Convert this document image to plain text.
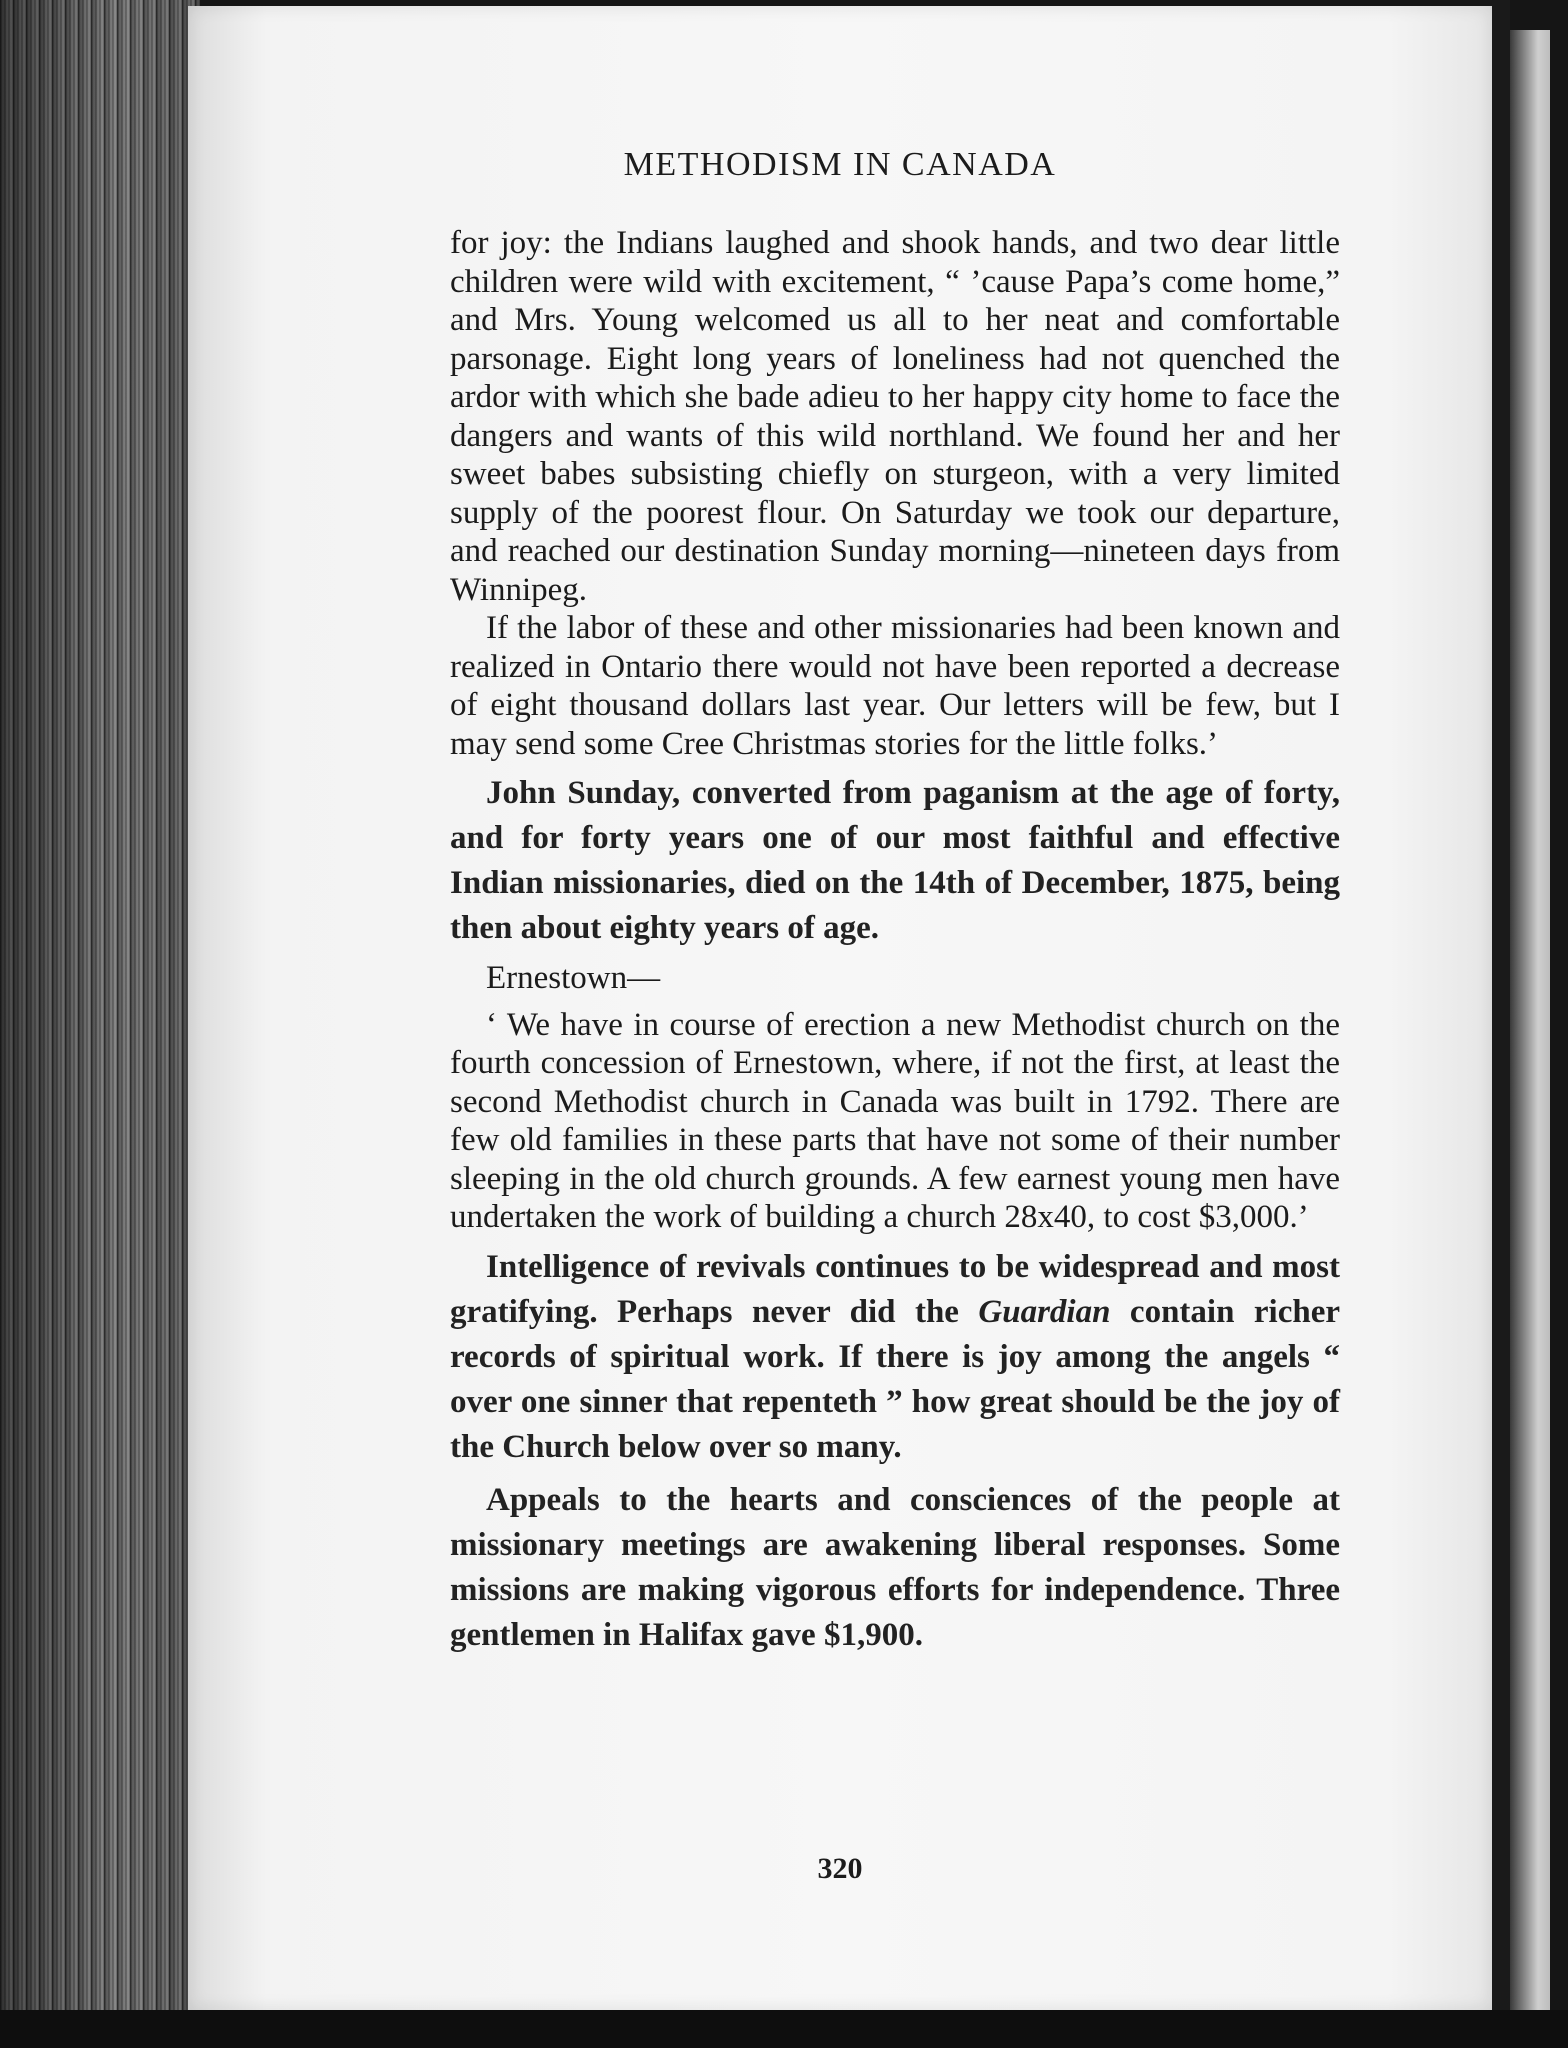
METHODISM IN CANADA

for joy: the Indians laughed and shook hands, and two dear little children were wild with excitement, “ ’cause Papa’s come home,” and Mrs. Young welcomed us all to her neat and comfortable parsonage. Eight long years of loneliness had not quenched the ardor with which she bade adieu to her happy city home to face the dangers and wants of this wild northland. We found her and her sweet babes subsisting chiefly on sturgeon, with a very limited supply of the poorest flour. On Saturday we took our departure, and reached our destination Sunday morning—nineteen days from Winnipeg.

If the labor of these and other missionaries had been known and realized in Ontario there would not have been reported a decrease of eight thousand dollars last year. Our letters will be few, but I may send some Cree Christmas stories for the little folks.’

John Sunday, converted from paganism at the age of forty, and for forty years one of our most faithful and effective Indian missionaries, died on the 14th of December, 1875, being then about eighty years of age.

Ernestown—

‘ We have in course of erection a new Methodist church on the fourth concession of Ernestown, where, if not the first, at least the second Methodist church in Canada was built in 1792. There are few old families in these parts that have not some of their number sleeping in the old church grounds. A few earnest young men have undertaken the work of building a church 28x40, to cost $3,000.’

Intelligence of revivals continues to be widespread and most gratifying. Perhaps never did the Guardian contain richer records of spiritual work. If there is joy among the angels “ over one sinner that repenteth ” how great should be the joy of the Church below over so many.

Appeals to the hearts and consciences of the people at missionary meetings are awakening liberal responses. Some missions are making vigorous efforts for independence. Three gentlemen in Halifax gave $1,900.

320
